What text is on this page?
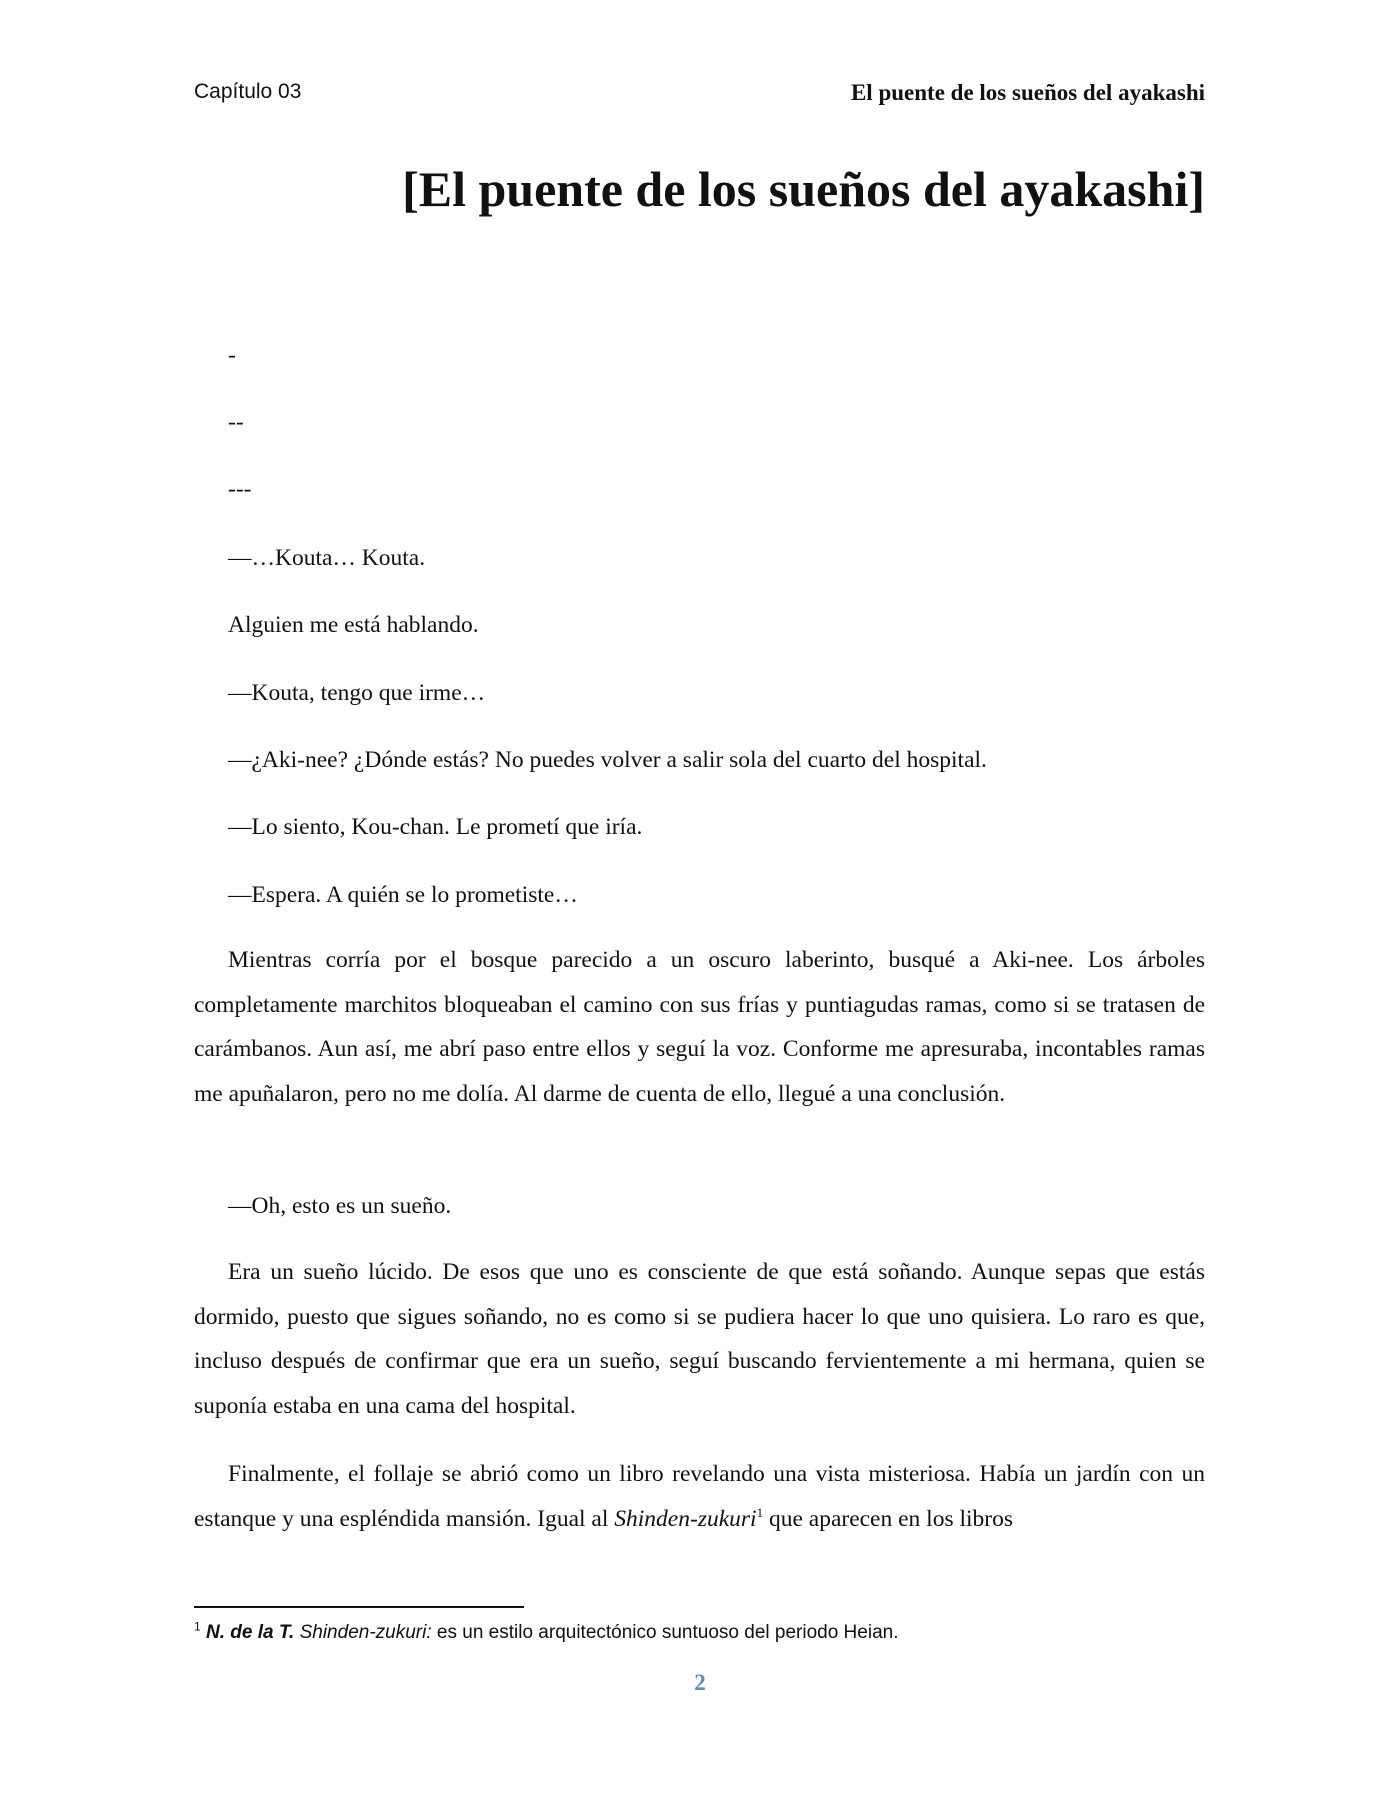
Capítulo 03	El puente de los sueños del ayakashi
[El puente de los sueños del ayakashi]
-
--
---
—…Kouta… Kouta.
Alguien me está hablando.
—Kouta, tengo que irme…
—¿Aki-nee? ¿Dónde estás? No puedes volver a salir sola del cuarto del hospital.
—Lo siento, Kou-chan. Le prometí que iría.
—Espera. A quién se lo prometiste…

Mientras corría por el bosque parecido a un oscuro laberinto, busqué a Aki-nee. Los árboles completamente marchitos bloqueaban el camino con sus frías y puntiagudas ramas, como si se tratasen de carámbanos. Aun así, me abrí paso entre ellos y seguí la voz. Conforme me apresuraba, incontables ramas me apuñalaron, pero no me dolía. Al darme de cuenta de ello, llegué a una conclusión.

—Oh, esto es un sueño.

Era un sueño lúcido. De esos que uno es consciente de que está soñando. Aunque sepas que estás dormido, puesto que sigues soñando, no es como si se pudiera hacer lo que uno quisiera. Lo raro es que, incluso después de confirmar que era un sueño, seguí buscando fervientemente a mi hermana, quien se suponía estaba en una cama del hospital.

Finalmente, el follaje se abrió como un libro revelando una vista misteriosa. Había un jardín con un estanque y una espléndida mansión. Igual al Shinden-zukuri$^1$ que aparecen en los libros

$^1$ N. de la T. Shinden-zukuri: es un estilo arquitectónico suntuoso del periodo Heian.
2
